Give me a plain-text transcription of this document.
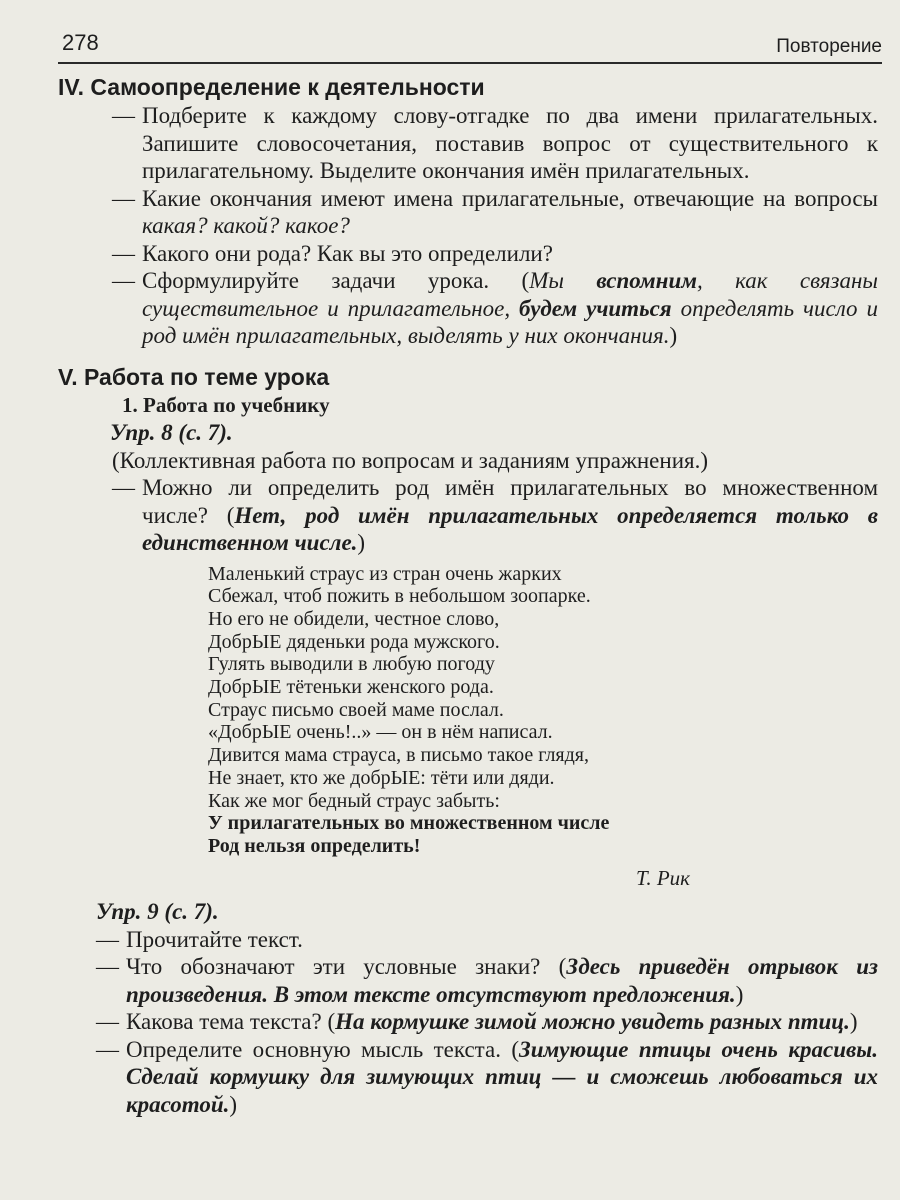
278	Повторение
IV. Самоопределение к деятельности

— Подберите к каждому слову-отгадке по два имени прилагательных. Запишите словосочетания, поставив вопрос от существительного к прилагательному. Выделите окончания имён прилагательных.

— Какие окончания имеют имена прилагательные, отвечающие на вопросы какая? какой? какое?

— Какого они рода? Как вы это определили?

— Сформулируйте задачи урока. (Мы вспомним, как связаны существительное и прилагательное, будем учиться определять число и род имён прилагательных, выделять у них окончания.)

V. Работа по теме урока

1. Работа по учебнику

Упр. 8 (с. 7).

(Коллективная работа по вопросам и заданиям упражнения.)

— Можно ли определить род имён прилагательных во множественном числе? (Нет, род имён прилагательных определяется только в единственном числе.)

Маленький страус из стран очень жарких

Сбежал, чтоб пожить в небольшом зоопарке.

Но его не обидели, честное слово,

ДобрЫЕ дяденьки рода мужского.

Гулять выводили в любую погоду

ДобрЫЕ тётеньки женского рода.

Страус письмо своей маме послал.

«ДобрЫЕ очень!..» — он в нём написал.

Дивится мама страуса, в письмо такое глядя,

Не знает, кто же добрЫЕ: тёти или дяди.

Как же мог бедный страус забыть:

У прилагательных во множественном числе

Род нельзя определить!

Т. Рик

Упр. 9 (с. 7).

— Прочитайте текст.

— Что обозначают эти условные знаки? (Здесь приведён отрывок из произведения. В этом тексте отсутствуют предложения.)

— Какова тема текста? (На кормушке зимой можно увидеть разных птиц.)

— Определите основную мысль текста. (Зимующие птицы очень красивы. Сделай кормушку для зимующих птиц — и сможешь любоваться их красотой.)
